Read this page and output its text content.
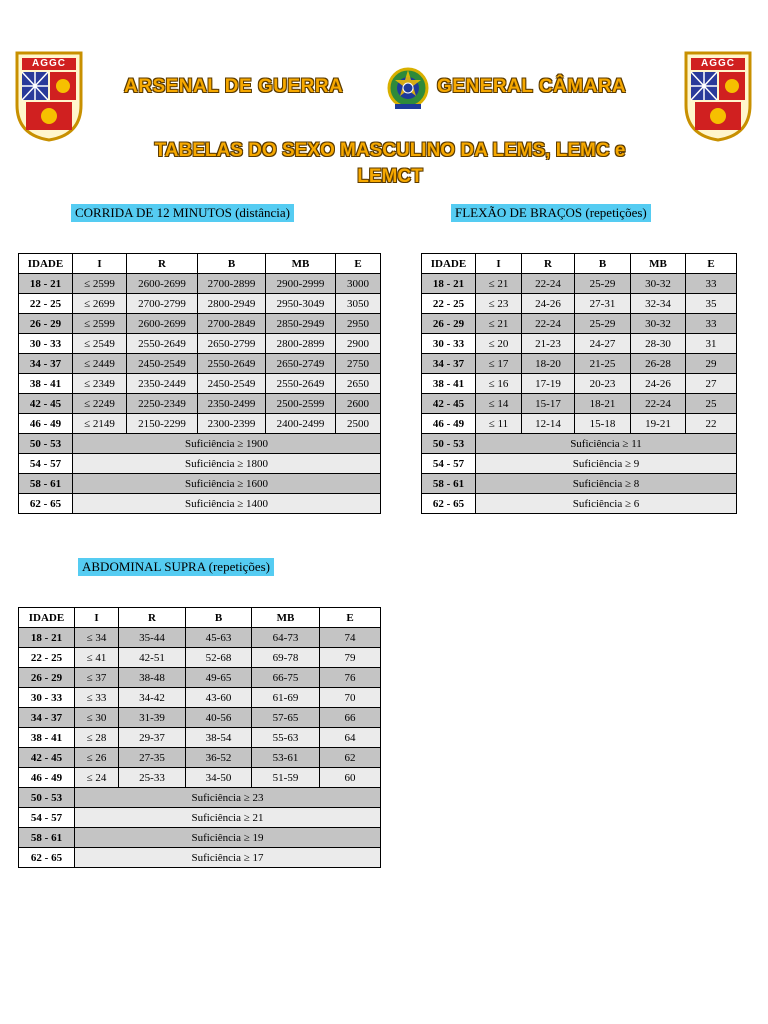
AGGC	AGGC
ARSENAL DE GUERRA	GENERAL CÂMARA
TABELAS DO SEXO MASCULINO DA LEMS, LEMC e
LEMCT
CORRIDA DE 12 MINUTOS (distância)	FLEXÃO DE BRAÇOS (repetições)
ABDOMINAL SUPRA (repetições)
IDADE	I	R	B	MB	E
18 - 21	≤ 2599	2600-2699	2700-2899	2900-2999	3000
22 - 25	≤ 2699	2700-2799	2800-2949	2950-3049	3050
26 - 29	≤ 2599	2600-2699	2700-2849	2850-2949	2950
30 - 33	≤ 2549	2550-2649	2650-2799	2800-2899	2900
34 - 37	≤ 2449	2450-2549	2550-2649	2650-2749	2750
38 - 41	≤ 2349	2350-2449	2450-2549	2550-2649	2650
42 - 45	≤ 2249	2250-2349	2350-2499	2500-2599	2600
46 - 49	≤ 2149	2150-2299	2300-2399	2400-2499	2500
50 - 53	Suficiência ≥ 1900				
54 - 57	Suficiência ≥ 1800				
58 - 61	Suficiência ≥ 1600				
62 - 65	Suficiência ≥ 1400				
IDADE	I	R	B	MB	E
18 - 21	≤ 21	22-24	25-29	30-32	33
22 - 25	≤ 23	24-26	27-31	32-34	35
26 - 29	≤ 21	22-24	25-29	30-32	33
30 - 33	≤ 20	21-23	24-27	28-30	31
34 - 37	≤ 17	18-20	21-25	26-28	29
38 - 41	≤ 16	17-19	20-23	24-26	27
42 - 45	≤ 14	15-17	18-21	22-24	25
46 - 49	≤ 11	12-14	15-18	19-21	22
50 - 53	Suficiência ≥ 11				
54 - 57	Suficiência ≥ 9				
58 - 61	Suficiência ≥ 8				
62 - 65	Suficiência ≥ 6				
IDADE	I	R	B	MB	E
18 - 21	≤ 34	35-44	45-63	64-73	74
22 - 25	≤ 41	42-51	52-68	69-78	79
26 - 29	≤ 37	38-48	49-65	66-75	76
30 - 33	≤ 33	34-42	43-60	61-69	70
34 - 37	≤ 30	31-39	40-56	57-65	66
38 - 41	≤ 28	29-37	38-54	55-63	64
42 - 45	≤ 26	27-35	36-52	53-61	62
46 - 49	≤ 24	25-33	34-50	51-59	60
50 - 53	Suficiência ≥ 23				
54 - 57	Suficiência ≥ 21				
58 - 61	Suficiência ≥ 19				
62 - 65	Suficiência ≥ 17				
